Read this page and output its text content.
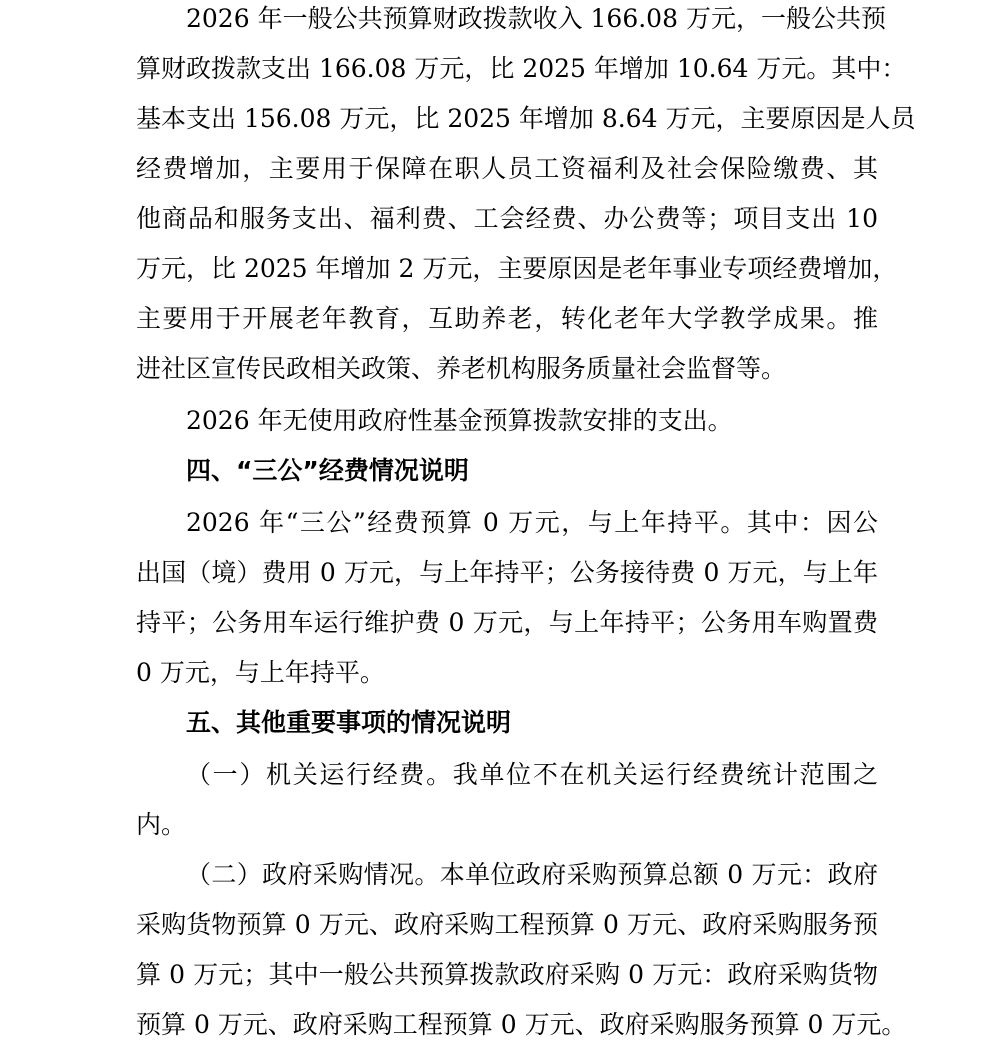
2026 年一般公共预算财政拨款收入 166.08 万元，一般公共预
算财政拨款支出 166.08 万元，比 2025 年增加 10.64 万元。其中：
基本支出 156.08 万元，比 2025 年增加 8.64 万元，主要原因是人员
经费增加，主要用于保障在职人员工资福利及社会保险缴费、其
他商品和服务支出、福利费、工会经费、办公费等；项目支出 10
万元，比 2025 年增加 2 万元，主要原因是老年事业专项经费增加，
主要用于开展老年教育，互助养老，转化老年大学教学成果。推
进社区宣传民政相关政策、养老机构服务质量社会监督等。
2026 年无使用政府性基金预算拨款安排的支出。
四、“三公”经费情况说明
2026 年“三公”经费预算 0 万元，与上年持平。其中：因公
出国（境）费用 0 万元，与上年持平；公务接待费 0 万元，与上年
持平；公务用车运行维护费 0 万元，与上年持平；公务用车购置费
0 万元，与上年持平。
五、其他重要事项的情况说明
（一）机关运行经费。我单位不在机关运行经费统计范围之
内。
（二）政府采购情况。本单位政府采购预算总额 0 万元：政府
采购货物预算 0 万元、政府采购工程预算 0 万元、政府采购服务预
算 0 万元；其中一般公共预算拨款政府采购 0 万元：政府采购货物
预算 0 万元、政府采购工程预算 0 万元、政府采购服务预算 0 万元。
